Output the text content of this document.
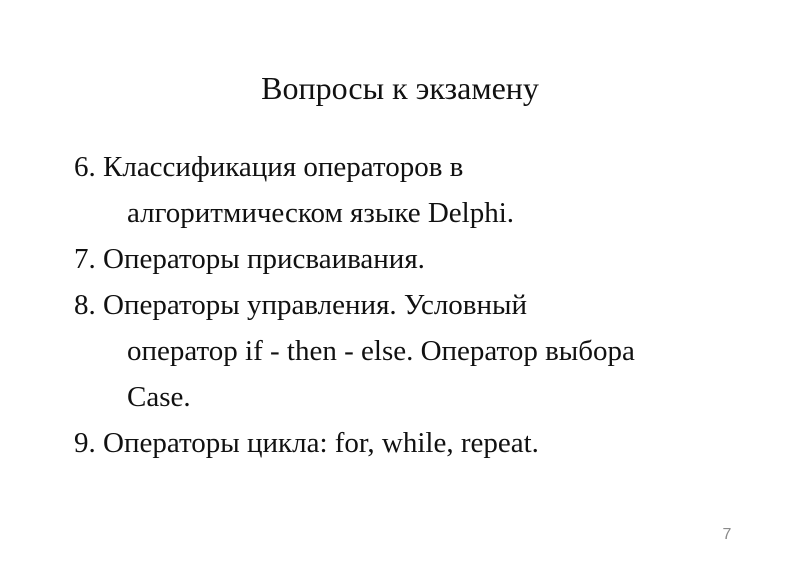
Вопросы к экзамену
6. Классификация операторов в
алгоритмическом языке Delphi.
7. Операторы присваивания.
8. Операторы управления. Условный
оператор if - then - else. Оператор выбора
Case.
9. Операторы цикла: for, while, repeat.
7
